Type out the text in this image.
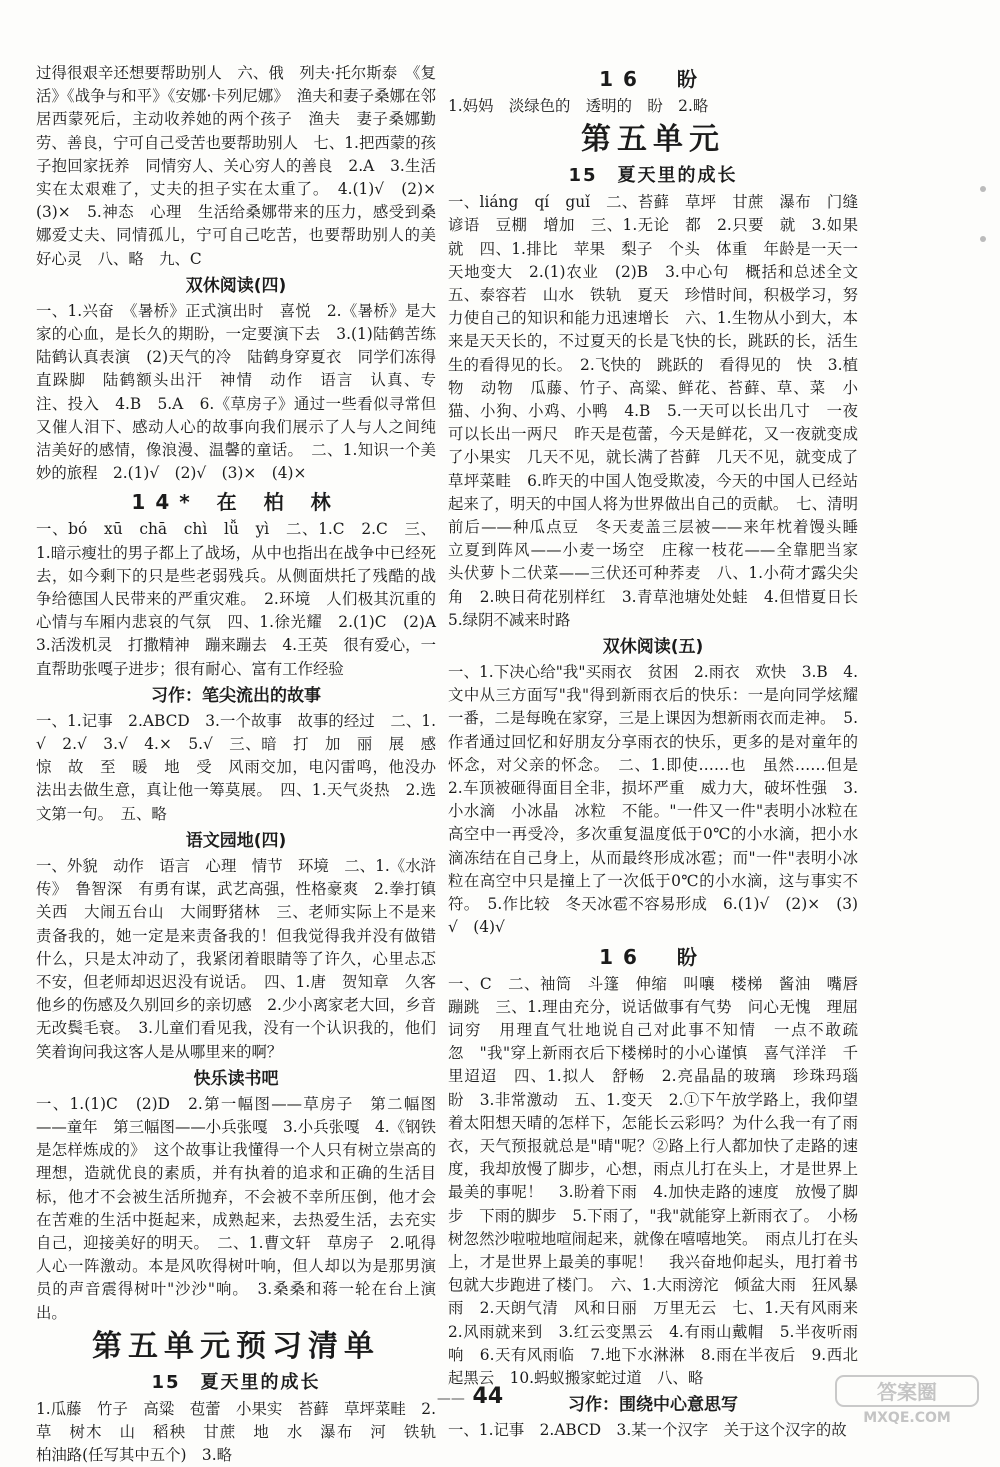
过得很艰辛还想要帮助别人　六、俄　列夫·托尔斯泰　《复活》《战争与和平》《安娜·卡列尼娜》　渔夫和妻子桑娜在邻居西蒙死后，主动收养她的两个孩子　渔夫　妻子桑娜勤劳、善良，宁可自己受苦也要帮助别人　七、1.把西蒙的孩子抱回家抚养　同情穷人、关心穷人的善良　2.A　3.生活实在太艰难了，丈夫的担子实在太重了。　4.(1)√　(2)×　(3)×　5.神态　心理　生活给桑娜带来的压力，感受到桑娜爱丈夫、同情孤儿，宁可自己吃苦，也要帮助别人的美好心灵　八、略　九、C
双休阅读(四)
一、1.兴奋　《暑桥》正式演出时　喜悦　2.《暑桥》是大家的心血，是长久的期盼，一定要演下去　3.(1)陆鹤苦练　陆鹤认真表演　(2)天气的冷　陆鹤身穿夏衣　同学们冻得直跺脚　陆鹤额头出汗　神情　动作　语言　认真、专注、投入　4.B　5.A　6.《草房子》通过一些看似寻常但又催人泪下、感动人心的故事向我们展示了人与人之间纯洁美好的感情，像浪漫、温馨的童话。　二、1.知识一个美妙的旅程　2.(1)√　(2)√　(3)×　(4)×
14* 在 柏 林
一、bó　xū　chā　chì　lǚ　yì　二、1.C　2.C　三、1.暗示瘦壮的男子都上了战场，从中也指出在战争中已经死去，如今剩下的只是些老弱残兵。从侧面烘托了残酷的战争给德国人民带来的严重灾难。　2.环境　人们极其沉重的心情与车厢内悲哀的气氛　四、1.徐光耀　2.(1)C　(2)A　3.活泼机灵　打撒精神　蹦来蹦去　4.王英　很有爱心，一直帮助张嘎子进步；很有耐心、富有工作经验
习作：笔尖流出的故事
一、1.记事　2.ABCD　3.一个故事　故事的经过　二、1.√　2.√　3.√　4.×　5.√　三、暗　打　加　丽　展　感　惊　故　至　暖　地　受　风雨交加，电闪雷鸣，他没办法出去做生意，真让他一筹莫展。　四、1.天气炎热　2.选文第一句。　五、略
语文园地(四)
一、外貌　动作　语言　心理　情节　环境　二、1.《水浒传》　鲁智深　有勇有谋，武艺高强，性格豪爽　2.拳打镇关西　大闹五台山　大闹野猪林　三、老师实际上不是来责备我的，她一定是来责备我的！但我觉得我并没有做错什么，只是太冲动了，我紧闭着眼睛等了许久，心里忐忑不安，但老师却迟迟没有说话。　四、1.唐　贺知章　久客他乡的伤感及久别回乡的亲切感　2.少小离家老大回，乡音无改鬓毛衰。　3.儿童们看见我，没有一个认识我的，他们笑着询问我这客人是从哪里来的啊？
快乐读书吧
一、1.(1)C　(2)D　2.第一幅图——草房子　第二幅图——童年　第三幅图——小兵张嘎　3.小兵张嘎　4.《钢铁是怎样炼成的》　这个故事让我懂得一个人只有树立崇高的理想，造就优良的素质，并有执着的追求和正确的生活目标，他才不会被生活所抛弃，不会被不幸所压倒，他才会在苦难的生活中挺起来，成熟起来，去热爱生活，去充实自己，迎接美好的明天。　二、1.曹文轩　草房子　2.吼得人心一阵激动。本是风吹得树叶响，但人却以为是那男演员的声音震得树叶"沙沙"响。　3.桑桑和蒋一轮在台上演出。
第五单元预习清单
15　夏天里的成长
1.瓜藤　竹子　高粱　苞蕾　小果实　苔藓　草坪菜畦　2.草　树木　山　稻秧　甘蔗　地　水　瀑布　河　铁轨　柏油路(任写其中五个)　3.略
16　盼
1.妈妈　淡绿色的　透明的　盼　2.略
第五单元
15　夏天里的成长
一、liáng　qí　guǐ　二、苔藓　草坪　甘蔗　瀑布　门缝　谚语　豆棚　增加　三、1.无论　都　2.只要　就　3.如果　就　四、1.排比　苹果　梨子　个头　体重　年龄是一天一天地变大　2.(1)农业　(2)B　3.中心句　概括和总述全文　五、泰容若　山水　铁轨　夏天　珍惜时间，积极学习，努力使自己的知识和能力迅速增长　六、1.生物从小到大，本来是天天长的，不过夏天的长是飞快的长，跳跃的长，活生生的看得见的长。　2.飞快的　跳跃的　看得见的　快　3.植物　动物　瓜藤、竹子、高粱、鲜花、苔藓、草、菜　小猫、小狗、小鸡、小鸭　4.B　5.一天可以长出几寸　一夜可以长出一两尺　昨天是苞蕾，今天是鲜花，又一夜就变成了小果实　几天不见，就长满了苔藓　几天不见，就变成了草坪菜畦　6.昨天的中国人饱受欺凌，今天的中国人已经站起来了，明天的中国人将为世界做出自己的贡献。　七、清明前后——种瓜点豆　冬天麦盖三层被——来年枕着馒头睡　立夏到阵风——小麦一场空　庄稼一枝花——全靠肥当家　头伏萝卜二伏菜——三伏还可种荞麦　八、1.小荷才露尖尖角　2.映日荷花别样红　3.青草池塘处处蛙　4.但惜夏日长　5.绿阴不减来时路
双休阅读(五)
一、1.下决心给"我"买雨衣　贫困　2.雨衣　欢快　3.B　4.文中从三方面写"我"得到新雨衣后的快乐：一是向同学炫耀一番，二是每晚在家穿，三是上课因为想新雨衣而走神。　5.作者通过回忆和好朋友分享雨衣的快乐，更多的是对童年的怀念，对父亲的怀念。　二、1.即使……也　虽然……但是　2.车顶被砸得面目全非，损坏严重　威力大，破坏性强　3.小水滴　小冰晶　冰粒　不能。"一件又一件"表明小冰粒在高空中一再受冷，多次重复温度低于0℃的小水滴，把小水滴冻结在自己身上，从而最终形成冰雹；而"一件"表明小冰粒在高空中只是撞上了一次低于0℃的小水滴，这与事实不符。　5.作比较　冬天冰雹不容易形成　6.(1)√　(2)×　(3)√　(4)√
16　盼
一、C　二、袖筒　斗篷　伸缩　叫嚷　楼梯　酱油　嘴唇　蹦跳　三、1.理由充分，说话做事有气势　问心无愧　理屈词穷　用理直气壮地说自己对此事不知情　一点不敢疏忽　"我"穿上新雨衣后下楼梯时的小心谨慎　喜气洋洋　千里迢迢　四、1.拟人　舒畅　2.亮晶晶的玻璃　珍珠玛瑙　盼　3.非常激动　五、1.变天　2.①下午放学路上，我仰望着太阳想天晴的怎样下，怎能长云彩吗？为什么我一有了雨衣，天气预报就总是"晴"呢？②路上行人都加快了走路的速度，我却放慢了脚步，心想，雨点儿打在头上，才是世界上最美的事呢！　3.盼着下雨　4.加快走路的速度　放慢了脚步　下雨的脚步　5.下雨了，"我"就能穿上新雨衣了。　小杨树忽然沙啦啦地喧闹起来，就像在嘻嘻地笑。　雨点儿打在头上，才是世界上最美的事呢！　我兴奋地仰起头，甩打着书包就大步跑进了楼门。　六、1.大雨滂沱　倾盆大雨　狂风暴雨　2.天朗气清　风和日丽　万里无云　七、1.天有风雨来　2.风雨就来到　3.红云变黑云　4.有雨山戴帽　5.半夜听雨响　6.天有风雨临　7.地下水淋淋　8.雨在半夜后　9.西北起黑云　10.蚂蚁搬家蛇过道　八、略
习作：围绕中心意思写
一、1.记事　2.ABCD　3.某一个汉字　关于这个汉字的故
—— 44	答案圈
MXQE.COM
